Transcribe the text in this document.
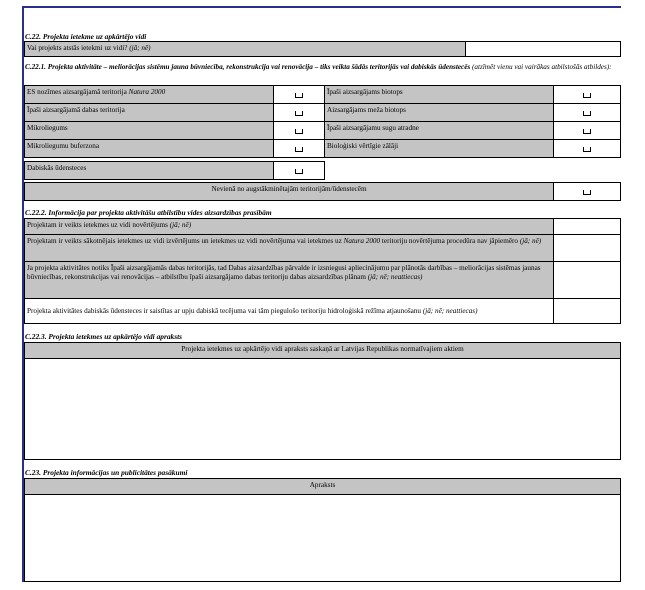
C.22. Projekta ietekme uz apkārtējo vidi
Vai projekts atstās ietekmi uz vidi? (jā; nē)
C.22.1. Projekta aktivitāte – meliorācijas sistēmu jauna būvniecība, rekonstrukcija vai renovācija – tiks veikta šādās teritorijās vai dabiskās ūdenstecēs (atzīmēt vienu vai vairākas atbilstošās atbildes):
ES nozīmes aizsargājamā teritorija Natura 2000	Īpaši aizsargājams biotops
Īpaši aizsargājamā dabas teritorija	Aizsargājams meža biotops
Mikroliegums	Īpaši aizsargājamu sugu atradne
Mikroliegumu buferzona	Bioloģiski vērtīgie zālāji
Dabiskās ūdensteces
Nevienā no augstākminētajām teritorijām/ūdenstecēm
C.22.2. Informācija par projekta aktivitāšu atbilstību vides aizsardzības prasībām
Projektam ir veikts ietekmes uz vidi novērtējums (jā; nē)
Projektam ir veikts sākotnējais ietekmes uz vidi izvērtējums un ietekmes uz vidi novērtējuma vai ietekmes uz Natura 2000 teritoriju novērtējuma procedūra nav jāpiemēro (jā; nē)
Ja projekta aktivitātes notiks Īpaši aizsargājamās dabas teritorijās, tad Dabas aizsardzības pārvalde ir izsniegusi apliecinājumu par plānotās darbības – meliorācijas sistēmas jaunas būvniecības, rekonstrukcijas vai renovācijas – atbilstību īpaši aizsargājamo dabas teritoriju dabas aizsardzības plānam (jā; nē; neattiecas)
Projekta aktivitātes dabiskās ūdensteces ir saistītas ar upju dabiskā tecējuma vai tām piegulošo teritoriju hidroloģiskā režīma atjaunošanu (jā; nē; neattiecas)
C.22.3. Projekta ietekmes uz apkārtējo vidi apraksts
Projekta ietekmes uz apkārtējo vidi apraksts saskaņā ar Latvijas Republikas normatīvajiem aktiem
C.23. Projekta informācijas un publicitātes pasākumi
Apraksts
